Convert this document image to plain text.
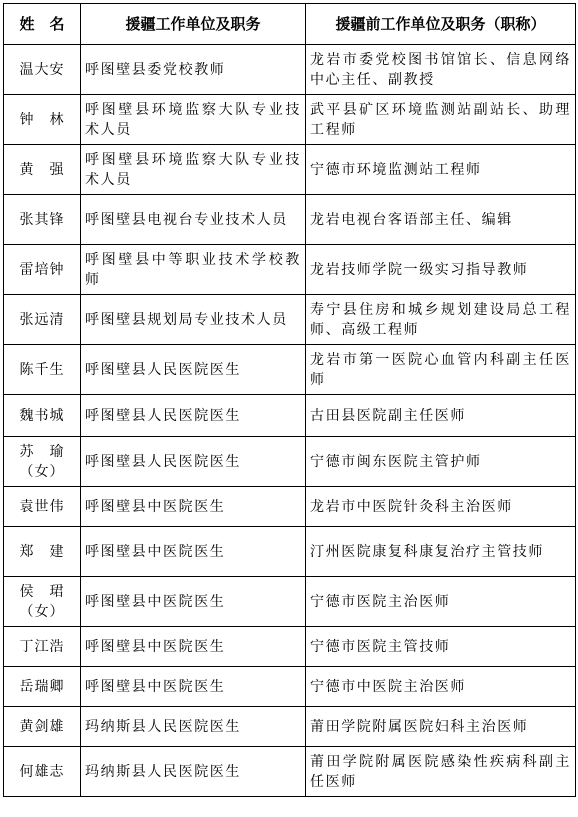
姓　名	援疆工作单位及职务	援疆前工作单位及职务（职称）
温大安	呼图壁县委党校教师	龙岩市委党校图书馆馆长、信息网络中心主任、副教授
钟　林	呼图壁县环境监察大队专业技术人员	武平县矿区环境监测站副站长、助理工程师
黄　强	呼图壁县环境监察大队专业技术人员	宁德市环境监测站工程师
张其锋	呼图壁县电视台专业技术人员	龙岩电视台客语部主任、编辑
雷培钟	呼图壁县中等职业技术学校教师	龙岩技师学院一级实习指导教师
张远清	呼图壁县规划局专业技术人员	寿宁县住房和城乡规划建设局总工程师、高级工程师
陈千生	呼图壁县人民医院医生	龙岩市第一医院心血管内科副主任医师
魏书城	呼图壁县人民医院医生	古田县医院副主任医师
苏　瑜（女）	呼图壁县人民医院医生	宁德市闽东医院主管护师
袁世伟	呼图壁县中医院医生	龙岩市中医院针灸科主治医师
郑　建	呼图壁县中医院医生	汀州医院康复科康复治疗主管技师
侯　珺（女）	呼图壁县中医院医生	宁德市医院主治医师
丁江浩	呼图壁县中医院医生	宁德市医院主管技师
岳瑞卿	呼图壁县中医院医生	宁德市中医院主治医师
黄剑雄	玛纳斯县人民医院医生	莆田学院附属医院妇科主治医师
何雄志	玛纳斯县人民医院医生	莆田学院附属医院感染性疾病科副主任医师
